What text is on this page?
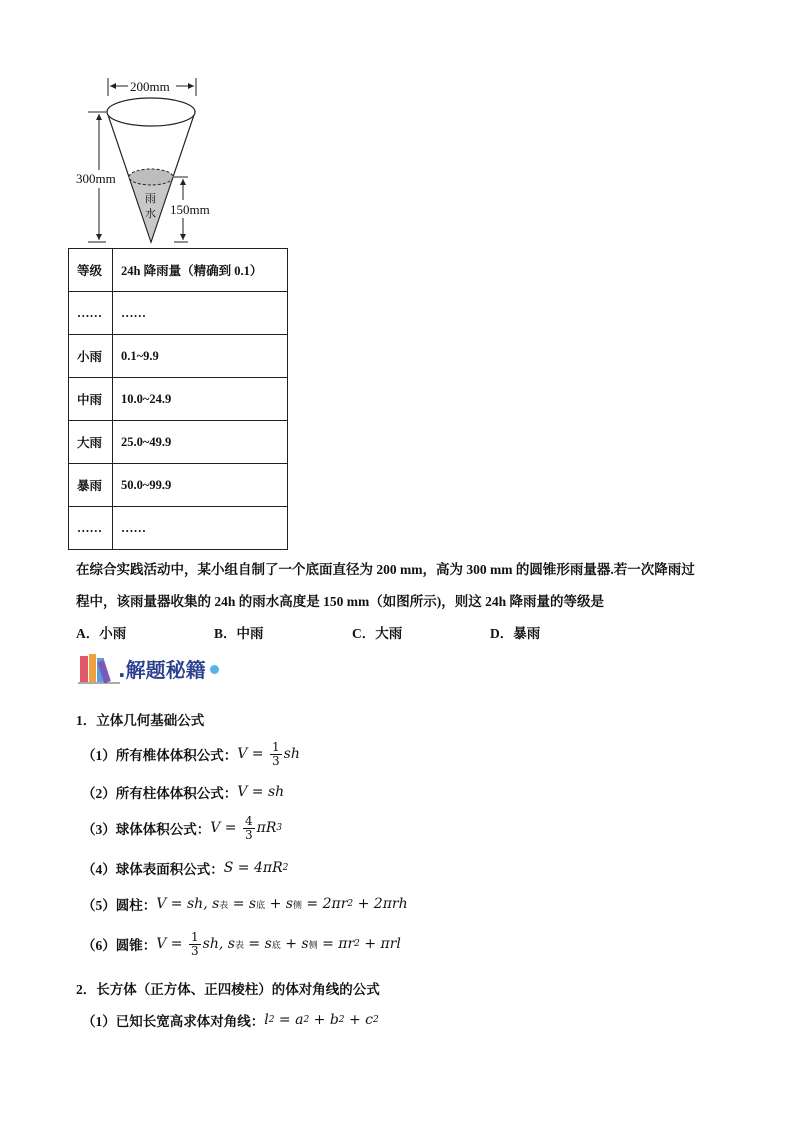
200mm
300mm
150mm
雨
水
等级	24h 降雨量（精确到 0.1）
……	……
小雨	0.1~9.9
中雨	10.0~24.9
大雨	25.0~49.9
暴雨	50.0~99.9
……	……
在综合实践活动中，某小组自制了一个底面直径为 200 mm，高为 300 mm 的圆锥形雨量器.若一次降雨过
程中，该雨量器收集的 24h 的雨水高度是 150 mm（如图所示)，则这 24h 降雨量的等级是
A．小雨	B．中雨	C．大雨	D．暴雨
.解题秘籍
1．立体几何基础公式
（1）所有椎体体积公式： $V = \frac{1}{3}$ sh
（2）所有柱体体积公式： V = sh
（3）球体体积公式： $V = \frac{4}{3}$ πR 3
（4）球体表面积公式： S = 4πR 2
（5）圆柱： V = sh, s 表 = s 底 + s 侧 = 2πr 2 + 2πrh
（6）圆锥： $V = \frac{1}{3}$ sh, s 表 = s 底 + s 侧 = πr 2 + πrl
2．长方体（正方体、正四棱柱）的体对角线的公式
（1）已知长宽高求体对角线： l 2 = a 2 + b 2 + c 2
